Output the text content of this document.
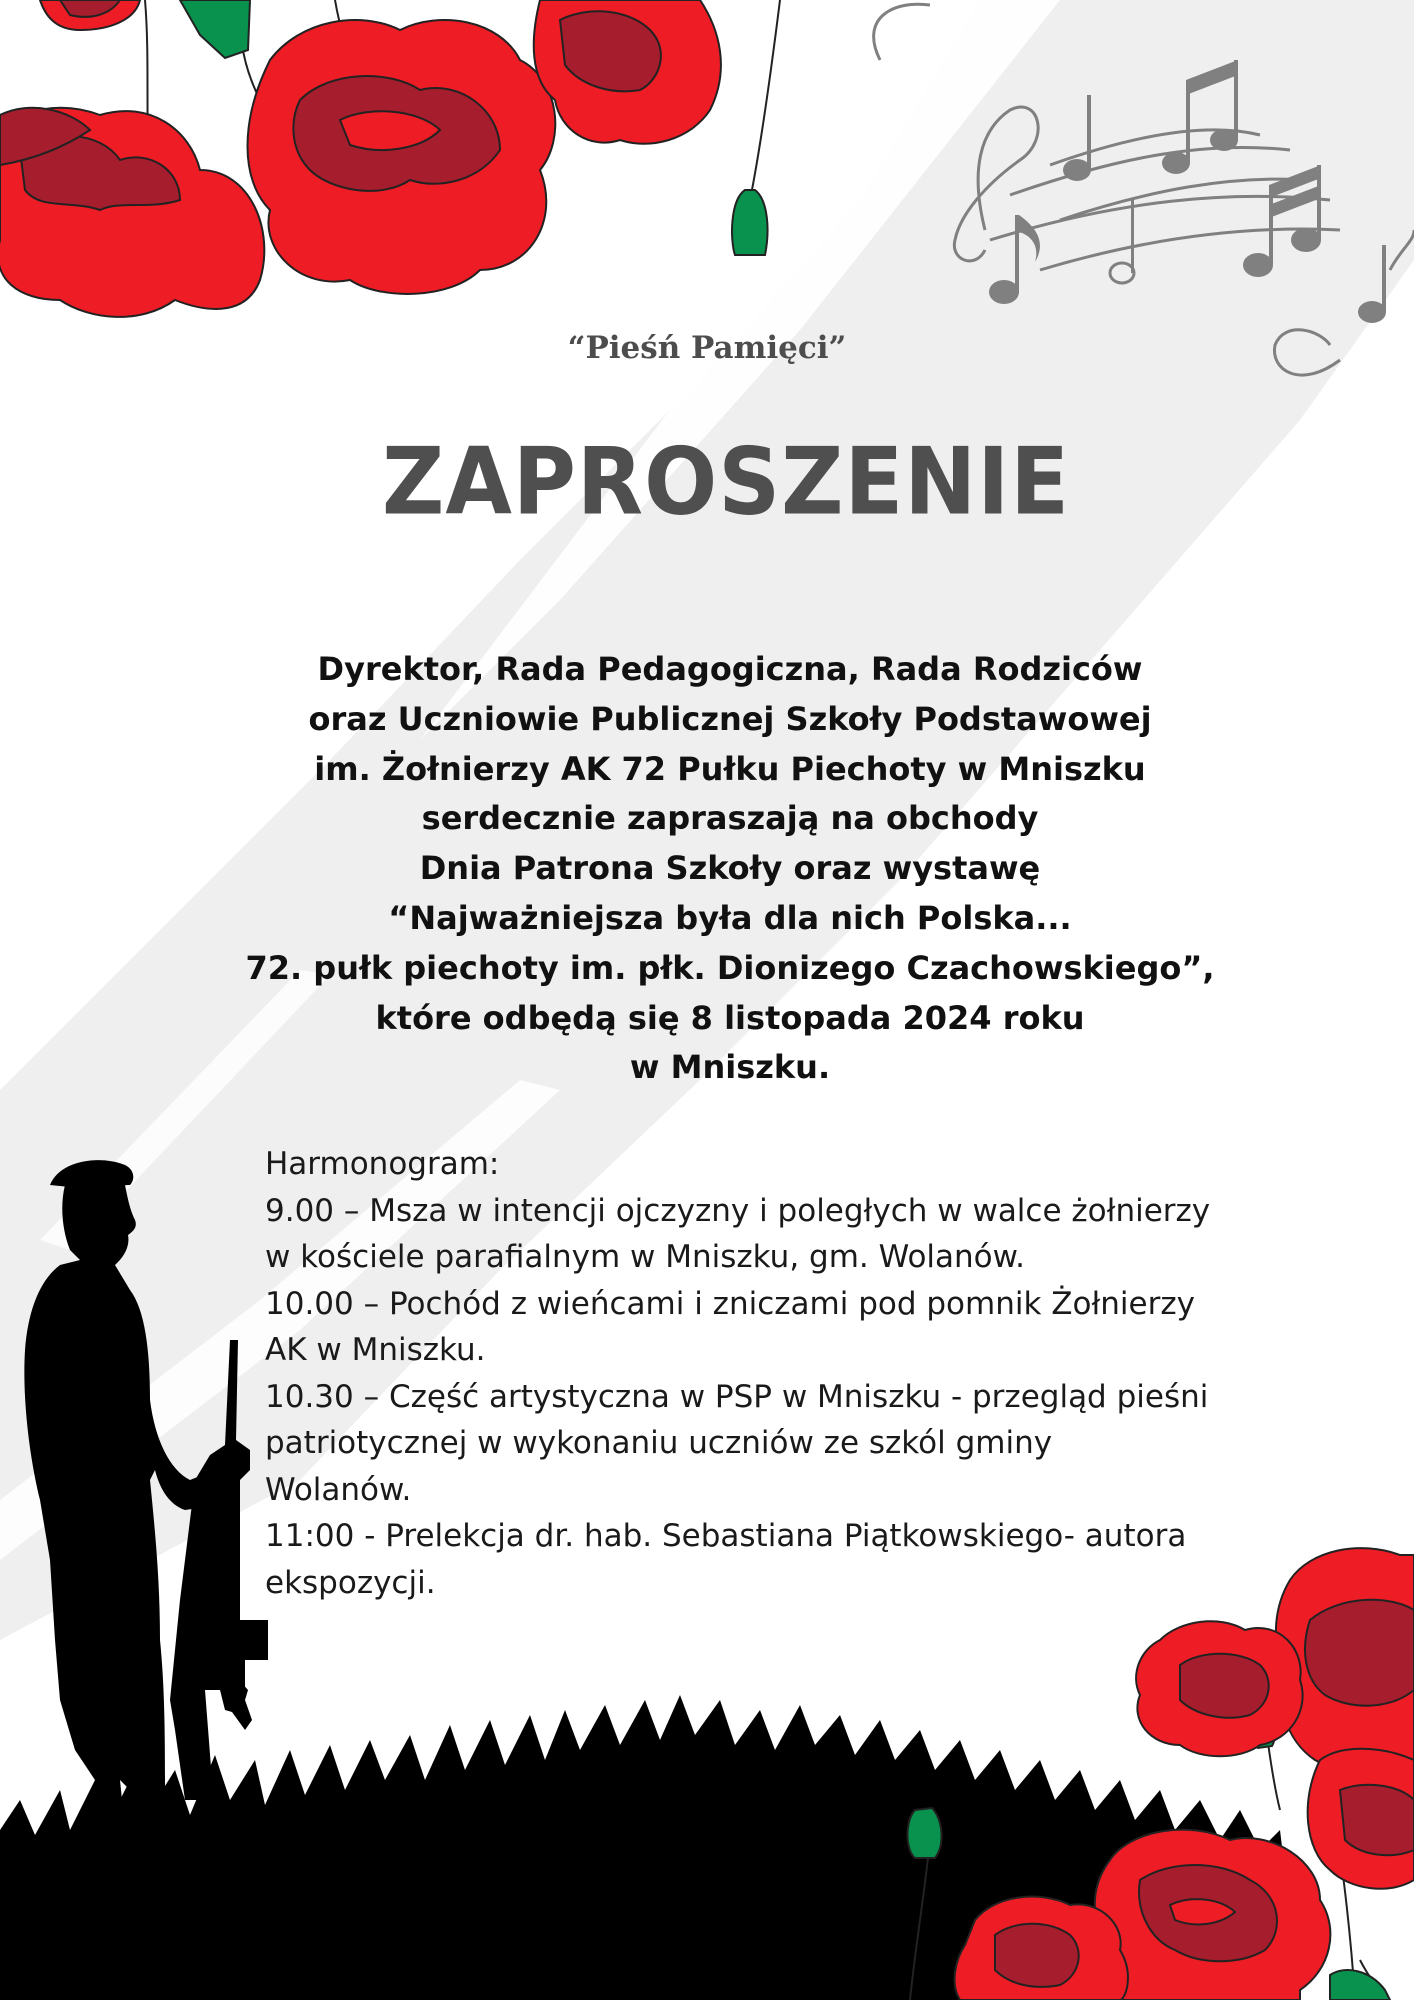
“Pieśń Pamięci”
ZAPROSZENIE
Dyrektor, Rada Pedagogiczna, Rada Rodziców
oraz Uczniowie Publicznej Szkoły Podstawowej
im. Żołnierzy AK 72 Pułku Piechoty w Mniszku
serdecznie zapraszają na obchody
Dnia Patrona Szkoły oraz wystawę
“Najważniejsza była dla nich Polska...
72. pułk piechoty im. płk. Dionizego Czachowskiego”,
które odbędą się 8 listopada 2024 roku
w Mniszku.
Harmonogram:
9.00 – Msza w intencji ojczyzny i poległych w walce żołnierzy
w kościele parafialnym w Mniszku, gm. Wolanów.
10.00 – Pochód z wieńcami i zniczami pod pomnik Żołnierzy
AK w Mniszku.
10.30 – Część artystyczna w PSP w Mniszku - przegląd pieśni
patriotycznej w wykonaniu uczniów ze szkól gminy
Wolanów.
11:00 - Prelekcja dr. hab. Sebastiana Piątkowskiego- autora
ekspozycji.
